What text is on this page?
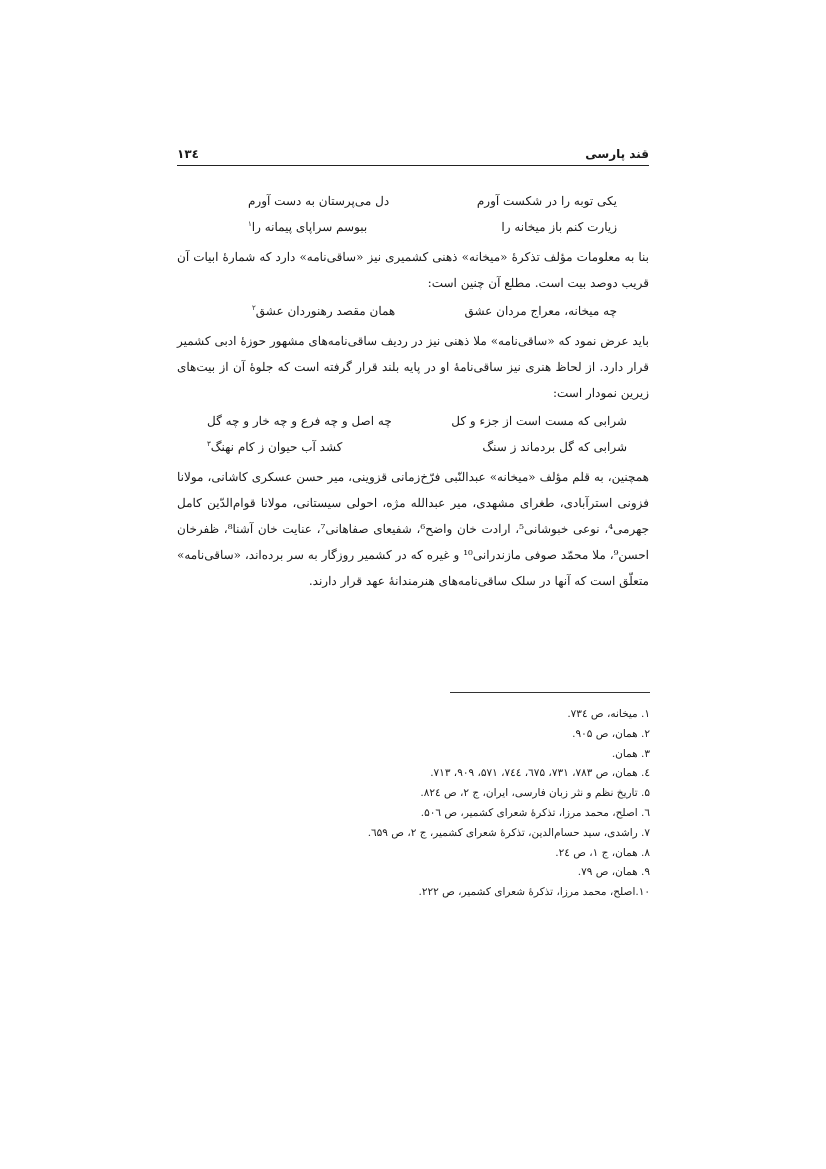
قند پارسی
۱۳٤
یکی توبه را در شکست آورم
دل می‌پرستان به دست آورم
زیارت کنم باز میخانه را
ببوسم سراپای پیمانه را$^۱$

بنا به معلومات مؤلف تذکرۀ «میخانه» ذهنی کشمیری نیز «ساقی‌نامه» دارد که شمارۀ ابیات آن قریب دوصد بیت است. مطلع آن چنین است:

چه میخانه، معراج مردان عشق
همان مقصد رهنوردان عشق$^۲$

باید عرض نمود که «ساقی‌نامه» ملا ذهنی نیز در ردیف ساقی‌نامه‌های مشهور حوزۀ ادبی کشمیر قرار دارد. از لحاظ هنری نیز ساقی‌نامۀ او در پایه بلند قرار گرفته است که جلوۀ آن از بیت‌های زیرین نمودار است:

شرابی که مست است از جزء و کل
چه اصل و چه فرع و چه خار و چه گل
شرابی که گل بردماند ز سنگ
کشد آب حیوان ز کام نهنگ$^۳$

همچنین، به قلم مؤلف «میخانه» عبدالنّبی فرّخ‌زمانی قزوینی، میر حسن عسکری کاشانی، مولانا فزونی استرآبادی، طغرای مشهدی، میر عبدالله مژه، احولی سیستانی، مولانا قوام‌الدّین کامل جهرمی⁴، نوعی خبوشانی⁵، ارادت خان واضح⁶، شفیعای صفاهانی⁷، عنایت خان آشنا⁸، ظفرخان احسن⁹، ملا محمّد صوفی مازندرانی¹⁰ و غیره که در کشمیر روزگار به سر برده‌اند، «ساقی‌نامه» متعلّق است که آنها در سلک ساقی‌نامه‌های هنرمندانۀ عهد قرار دارند.

۱. میخانه، ص ۷۳٤.
۲. همان، ص ۹۰۵.
۳. همان.
٤. همان، ص ۷۸۳، ۷۳۱، ٦۷۵، ۷٤٤، ۵۷۱، ۹۰۹، ۷۱۳.
۵. تاریخ نظم و نثر زبان فارسی، ایران، ج ۲، ص ۸۲٤.
٦. اصلح، محمد مرزا، تذکرۀ شعرای کشمیر، ص ۵۰٦.
۷. راشدی، سید حسام‌الدین، تذکرۀ شعرای کشمیر، ج ۲، ص ٦۵۹.
۸. همان، ج ۱، ص ۲٤.
۹. همان، ص ۷۹.
۱۰.اصلح، محمد مرزا، تذکرۀ شعرای کشمیر، ص ۲۲۲.
